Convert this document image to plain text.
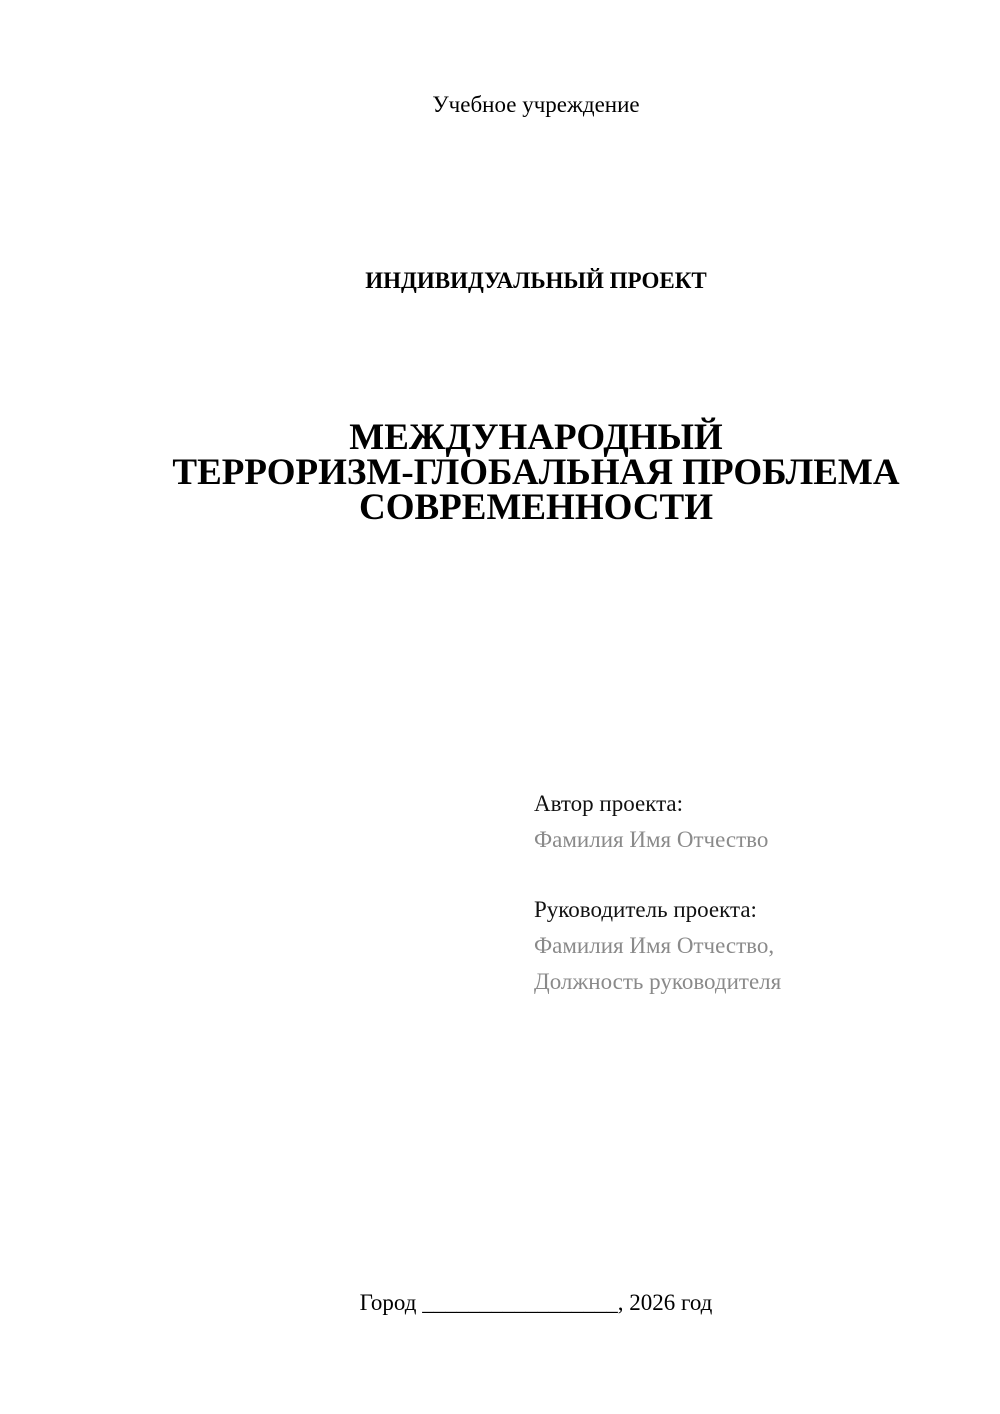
Учебное учреждение
ИНДИВИДУАЛЬНЫЙ ПРОЕКТ
МЕЖДУНАРОДНЫЙ
ТЕРРОРИЗМ-ГЛОБАЛЬНАЯ ПРОБЛЕМА
СОВРЕМЕННОСТИ
Автор проекта:
Фамилия Имя Отчество
Руководитель проекта:
Фамилия Имя Отчество,
Должность руководителя
Город _________________, 2026 год
